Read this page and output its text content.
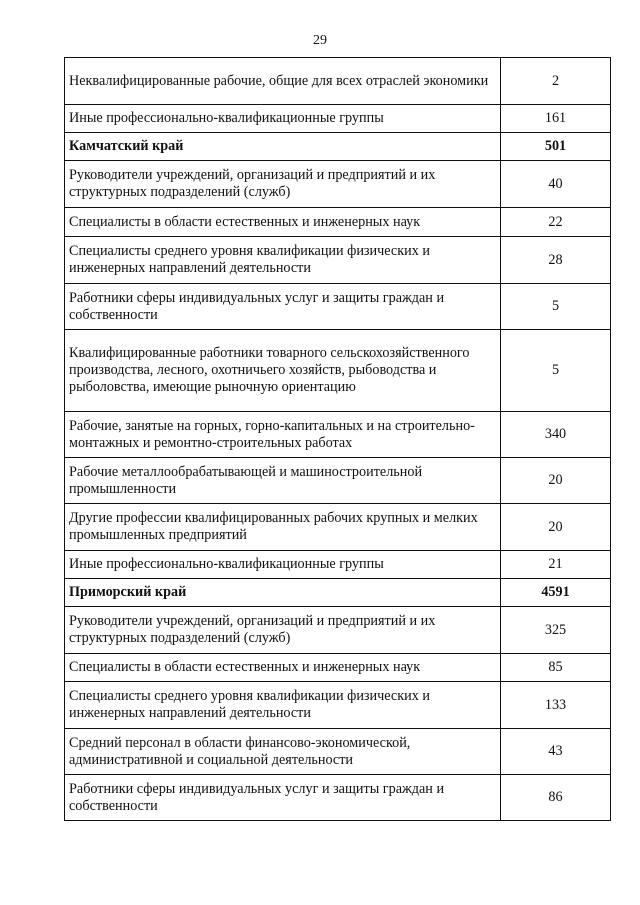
29
Неквалифицированные рабочие, общие для всех отраслей экономики	2
Иные профессионально-квалификационные группы	161
Камчатский край	501
Руководители учреждений, организаций и предприятий и их структурных подразделений (служб)	40
Специалисты в области естественных и инженерных наук	22
Специалисты среднего уровня квалификации физических и инженерных направлений деятельности	28
Работники сферы индивидуальных услуг и защиты граждан и собственности	5
Квалифицированные работники товарного сельскохозяйственного производства, лесного, охотничьего хозяйств, рыбоводства и рыболовства, имеющие рыночную ориентацию	5
Рабочие, занятые на горных, горно-капитальных и на строительно-монтажных и ремонтно-строительных работах	340
Рабочие металлообрабатывающей и машиностроительной промышленности	20
Другие профессии квалифицированных рабочих крупных и мелких промышленных предприятий	20
Иные профессионально-квалификационные группы	21
Приморский край	4591
Руководители учреждений, организаций и предприятий и их структурных подразделений (служб)	325
Специалисты в области естественных и инженерных наук	85
Специалисты среднего уровня квалификации физических и инженерных направлений деятельности	133
Средний персонал в области финансово-экономической, административной и социальной деятельности	43
Работники сферы индивидуальных услуг и защиты граждан и собственности	86
